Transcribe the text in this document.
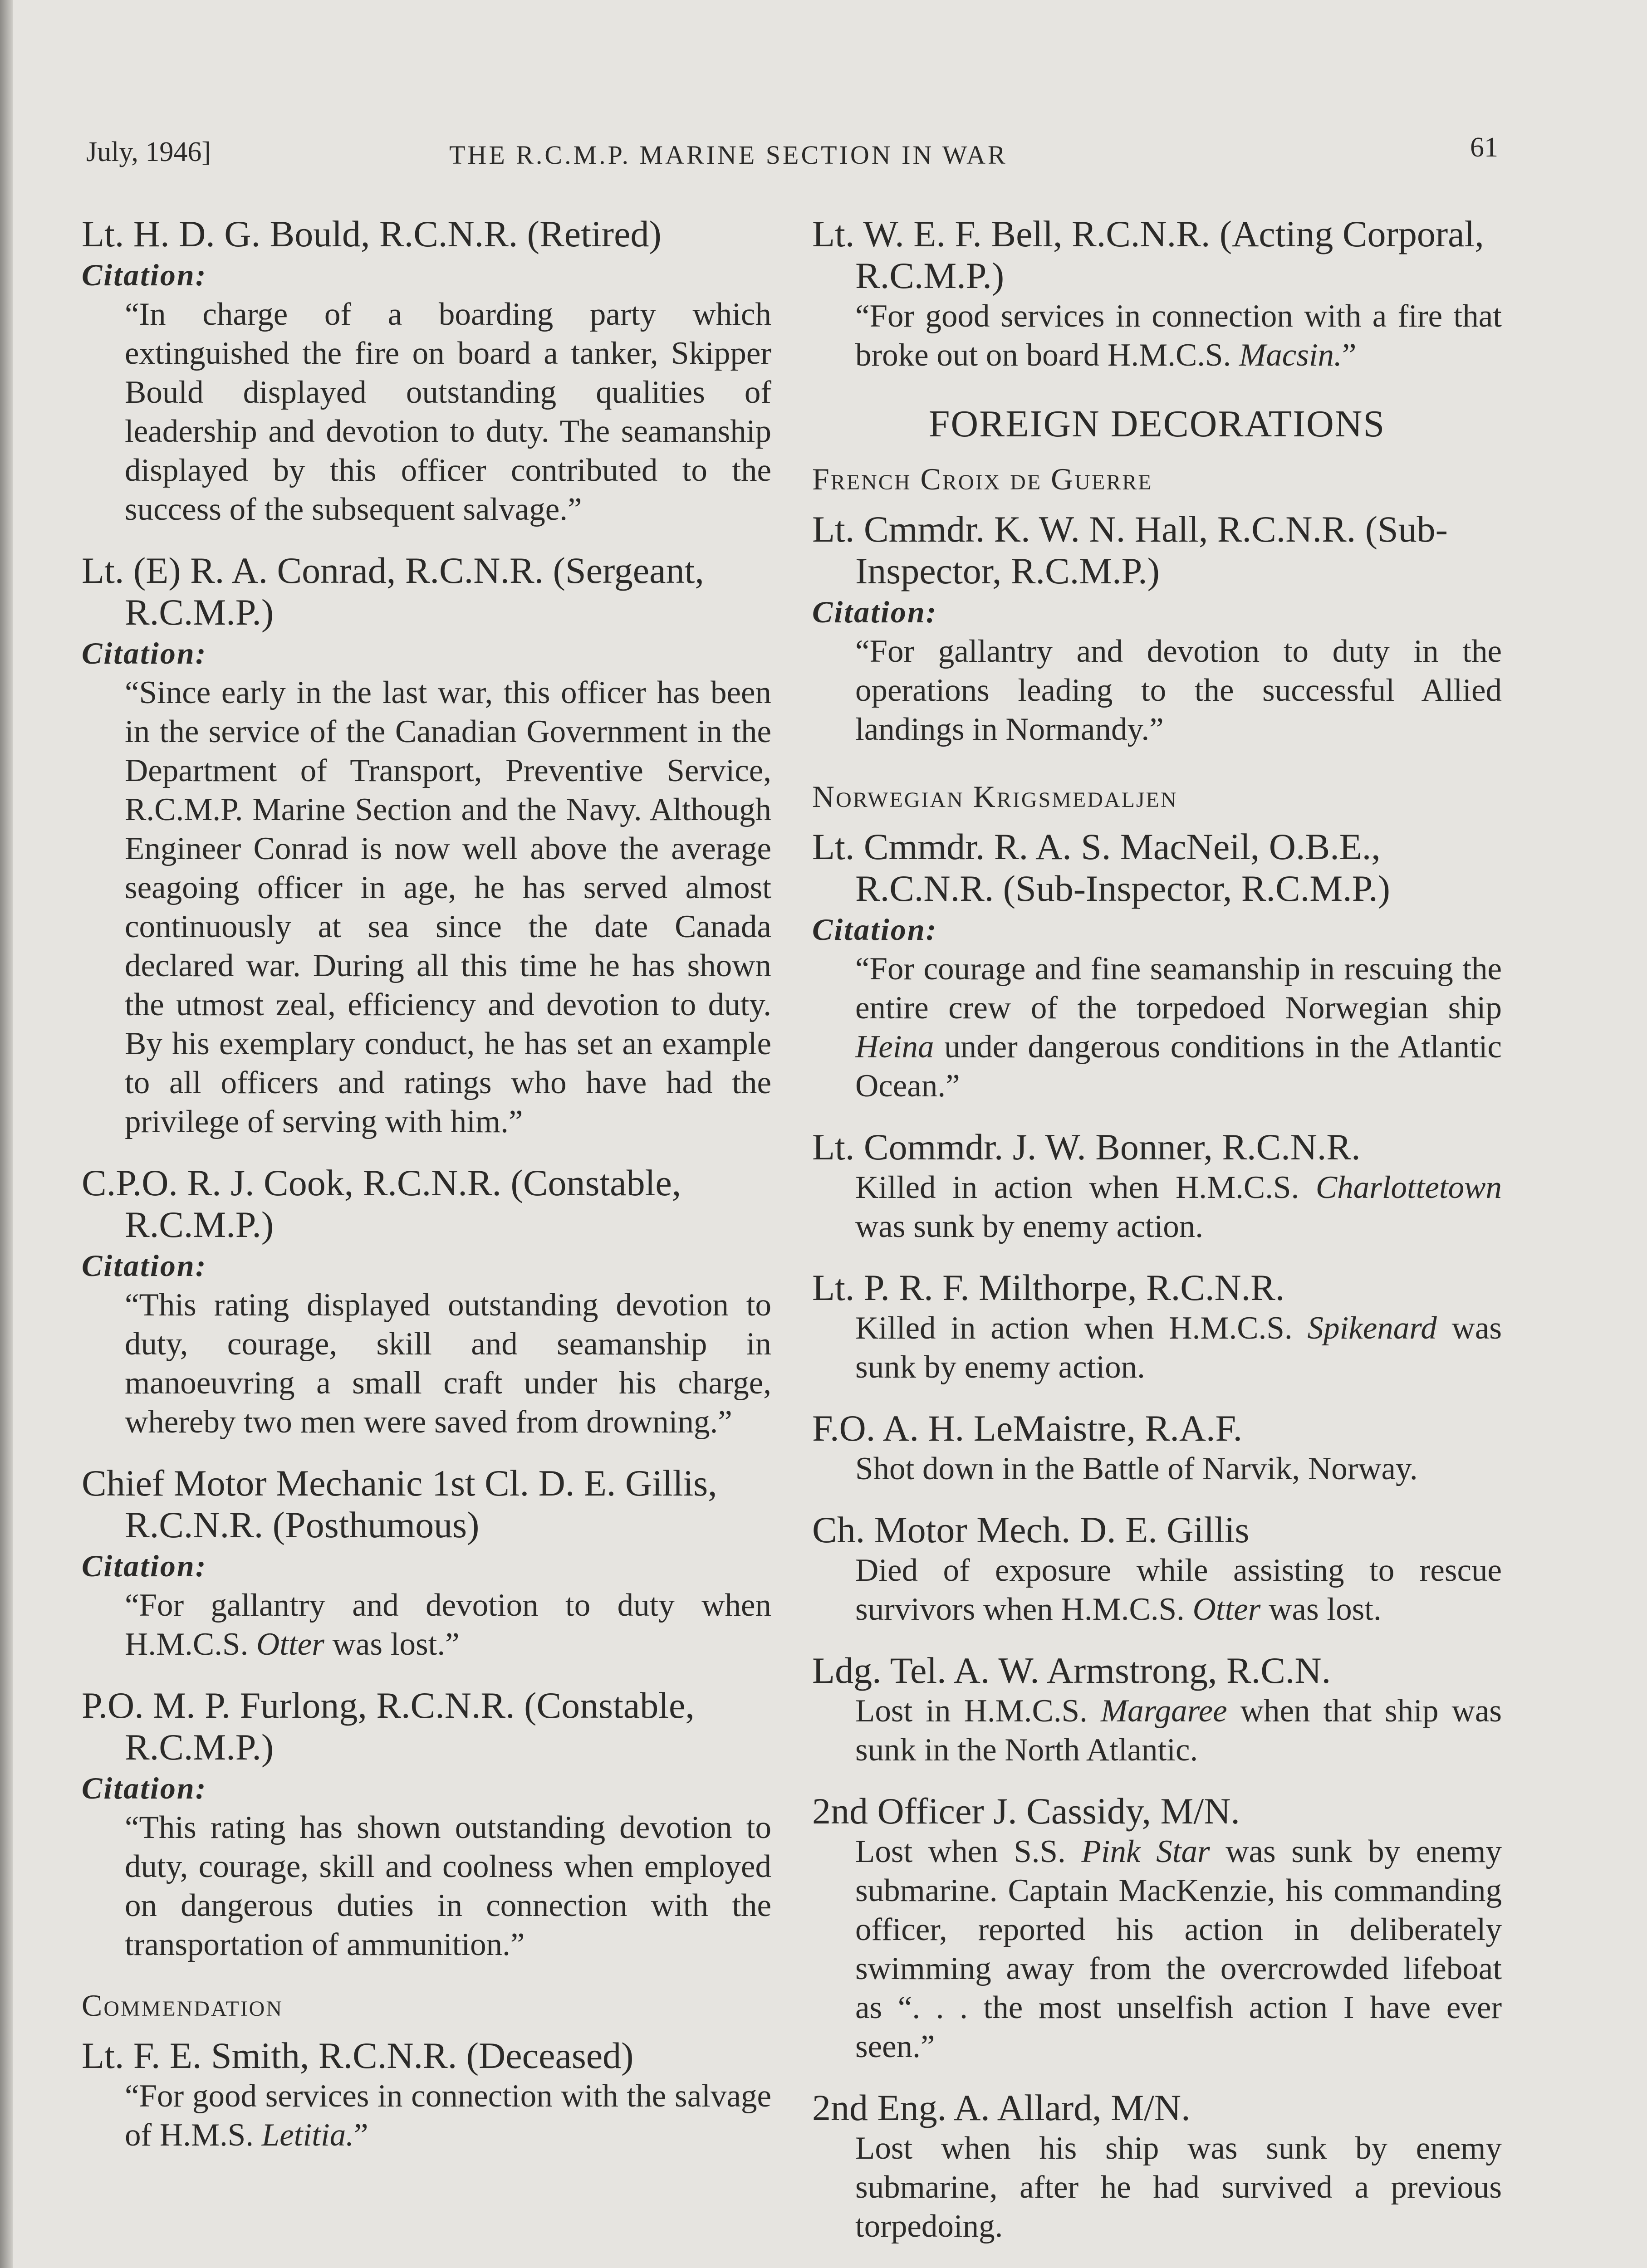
July, 1946]	THE R.C.M.P. MARINE SECTION IN WAR	61
Lt. H. D. G. Bould, R.C.N.R. (Retired)
Citation:
“In charge of a boarding party which extinguished the fire on board a tanker, Skipper Bould displayed outstanding qualities of leadership and devotion to duty. The seamanship displayed by this officer contributed to the success of the subsequent salvage.”
Lt. (E) R. A. Conrad, R.C.N.R. (Sergeant, R.C.M.P.)
Citation:
“Since early in the last war, this officer has been in the service of the Canadian Government in the Department of Transport, Preventive Service, R.C.M.P. Marine Section and the Navy. Although Engineer Conrad is now well above the average seagoing officer in age, he has served almost continuously at sea since the date Canada declared war. During all this time he has shown the utmost zeal, efficiency and devotion to duty. By his exemplary conduct, he has set an example to all officers and ratings who have had the privilege of serving with him.”
C.P.O. R. J. Cook, R.C.N.R. (Constable, R.C.M.P.)
Citation:
“This rating displayed outstanding devotion to duty, courage, skill and seamanship in manoeuvring a small craft under his charge, whereby two men were saved from drowning.”
Chief Motor Mechanic 1st Cl. D. E. Gillis, R.C.N.R. (Posthumous)
Citation:
“For gallantry and devotion to duty when H.M.C.S. Otter was lost.”
P.O. M. P. Furlong, R.C.N.R. (Constable, R.C.M.P.)
Citation:
“This rating has shown outstanding devotion to duty, courage, skill and coolness when employed on dangerous duties in connection with the transportation of ammunition.”
Commendation
Lt. F. E. Smith, R.C.N.R. (Deceased)
“For good services in connection with the salvage of H.M.S. Letitia.”
Lt. W. E. F. Bell, R.C.N.R. (Acting Corporal, R.C.M.P.)
“For good services in connection with a fire that broke out on board H.M.C.S. Macsin.”
FOREIGN DECORATIONS
French Croix de Guerre
Lt. Cmmdr. K. W. N. Hall, R.C.N.R. (Sub-Inspector, R.C.M.P.)
Citation:
“For gallantry and devotion to duty in the operations leading to the successful Allied landings in Normandy.”
Norwegian Krigsmedaljen
Lt. Cmmdr. R. A. S. MacNeil, O.B.E., R.C.N.R. (Sub-Inspector, R.C.M.P.)
Citation:
“For courage and fine seamanship in rescuing the entire crew of the torpedoed Norwegian ship Heina under dangerous conditions in the Atlantic Ocean.”
Lt. Commdr. J. W. Bonner, R.C.N.R.
Killed in action when H.M.C.S. Charlottetown was sunk by enemy action.
Lt. P. R. F. Milthorpe, R.C.N.R.
Killed in action when H.M.C.S. Spikenard was sunk by enemy action.
F.O. A. H. LeMaistre, R.A.F.
Shot down in the Battle of Narvik, Norway.
Ch. Motor Mech. D. E. Gillis
Died of exposure while assisting to rescue survivors when H.M.C.S. Otter was lost.
Ldg. Tel. A. W. Armstrong, R.C.N.
Lost in H.M.C.S. Margaree when that ship was sunk in the North Atlantic.
2nd Officer J. Cassidy, M/N.
Lost when S.S. Pink Star was sunk by enemy submarine. Captain MacKenzie, his commanding officer, reported his action in deliberately swimming away from the overcrowded lifeboat as “. . . the most unselfish action I have ever seen.”
2nd Eng. A. Allard, M/N.
Lost when his ship was sunk by enemy submarine, after he had survived a previous torpedoing.
